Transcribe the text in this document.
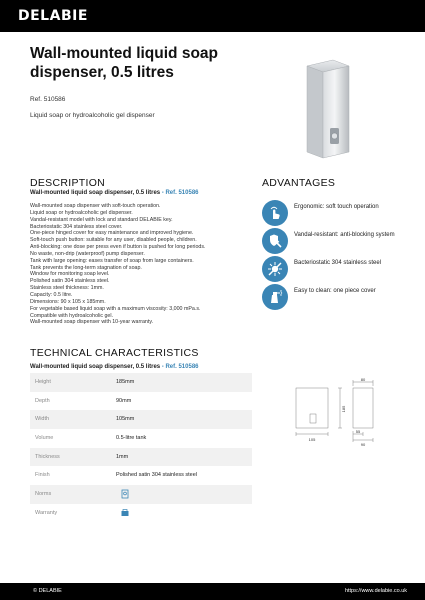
DELABIE
Wall-mounted liquid soap
dispenser, 0.5 litres
Ref. 510586
Liquid soap or hydroalcoholic gel dispenser
DESCRIPTION
Wall-mounted liquid soap dispenser, 0.5 litres - Ref. 510586
Wall-mounted soap dispenser with soft-touch operation.
Liquid soap or hydroalcoholic gel dispenser.
Vandal-resistant model with lock and standard DELABIE key.
Bacteriostatic 304 stainless steel cover.
One-piece hinged cover for easy maintenance and improved hygiene.
Soft-touch push button: suitable for any user, disabled people, children.
Anti-blocking: one dose per press even if button is pushed for long periods.
No waste, non-drip (waterproof) pump dispenser.
Tank with large opening: eases transfer of soap from large containers.
Tank prevents the long-term stagnation of soap.
Window for monitoring soap level.
Polished satin 304 stainless steel.
Stainless steel thickness: 1mm.
Capacity: 0.5 litre.
Dimensions: 90 x 105 x 185mm.
For vegetable based liquid soap with a maximum viscosity: 3,000 mPa.s.
Compatible with hydroalcoholic gel.
Wall-mounted soap dispenser with 10-year warranty.
ADVANTAGES
Ergonomic: soft touch operation
Vandal-resistant: anti-blocking system
Bacteriostatic 304 stainless steel
Easy to clean: one piece cover
TECHNICAL CHARACTERISTICS
Wall-mounted liquid soap dispenser, 0.5 litres - Ref. 510586
Height	185mm
Depth	90mm
Width	105mm
Volume	0.5-litre tank
Thickness	1mm
Finish	Polished satin 304 stainless steel
Norms
Warranty
80
185
105
55
90
© DELABIE	https://www.delabie.co.uk
